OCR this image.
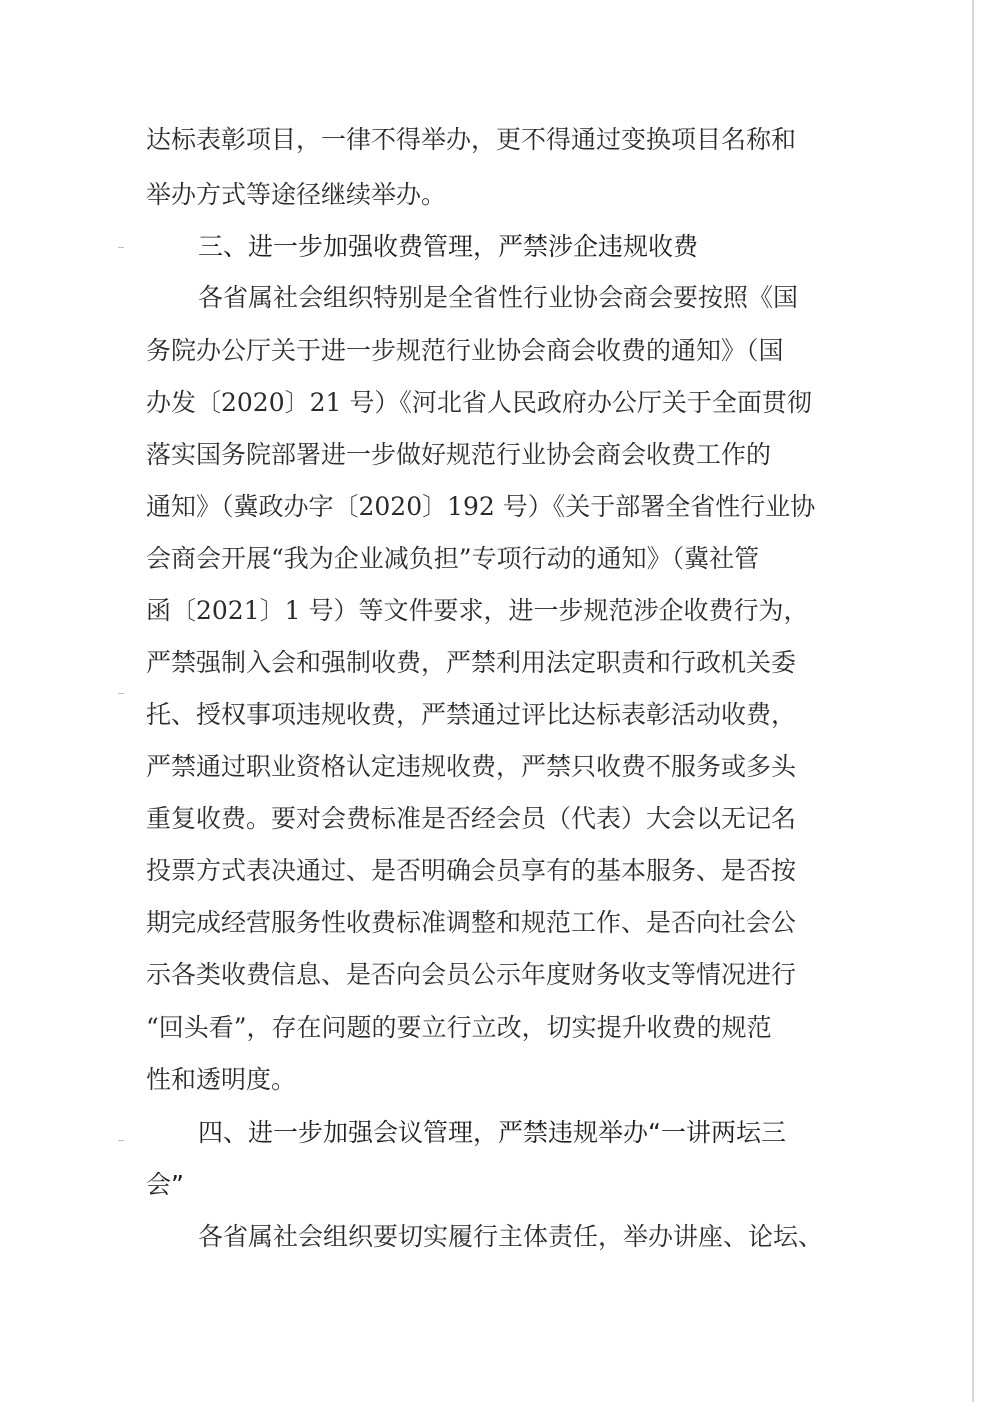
达标表彰项目，一律不得举办，更不得通过变换项目名称和

举办方式等途径继续举办。

三、进一步加强收费管理，严禁涉企违规收费

各省属社会组织特别是全省性行业协会商会要按照《国

务院办公厅关于进一步规范行业协会商会收费的通知》（国

办发〔2020〕21 号）《河北省人民政府办公厅关于全面贯彻

落实国务院部署进一步做好规范行业协会商会收费工作的

通知》（冀政办字〔2020〕192 号）《关于部署全省性行业协

会商会开展“我为企业减负担”专项行动的通知》（冀社管

函〔2021〕1 号）等文件要求，进一步规范涉企收费行为，

严禁强制入会和强制收费，严禁利用法定职责和行政机关委

托、授权事项违规收费，严禁通过评比达标表彰活动收费，

严禁通过职业资格认定违规收费，严禁只收费不服务或多头

重复收费。要对会费标准是否经会员（代表）大会以无记名

投票方式表决通过、是否明确会员享有的基本服务、是否按

期完成经营服务性收费标准调整和规范工作、是否向社会公

示各类收费信息、是否向会员公示年度财务收支等情况进行

“回头看”，存在问题的要立行立改，切实提升收费的规范

性和透明度。

四、进一步加强会议管理，严禁违规举办“一讲两坛三

会”

各省属社会组织要切实履行主体责任，举办讲座、论坛、
